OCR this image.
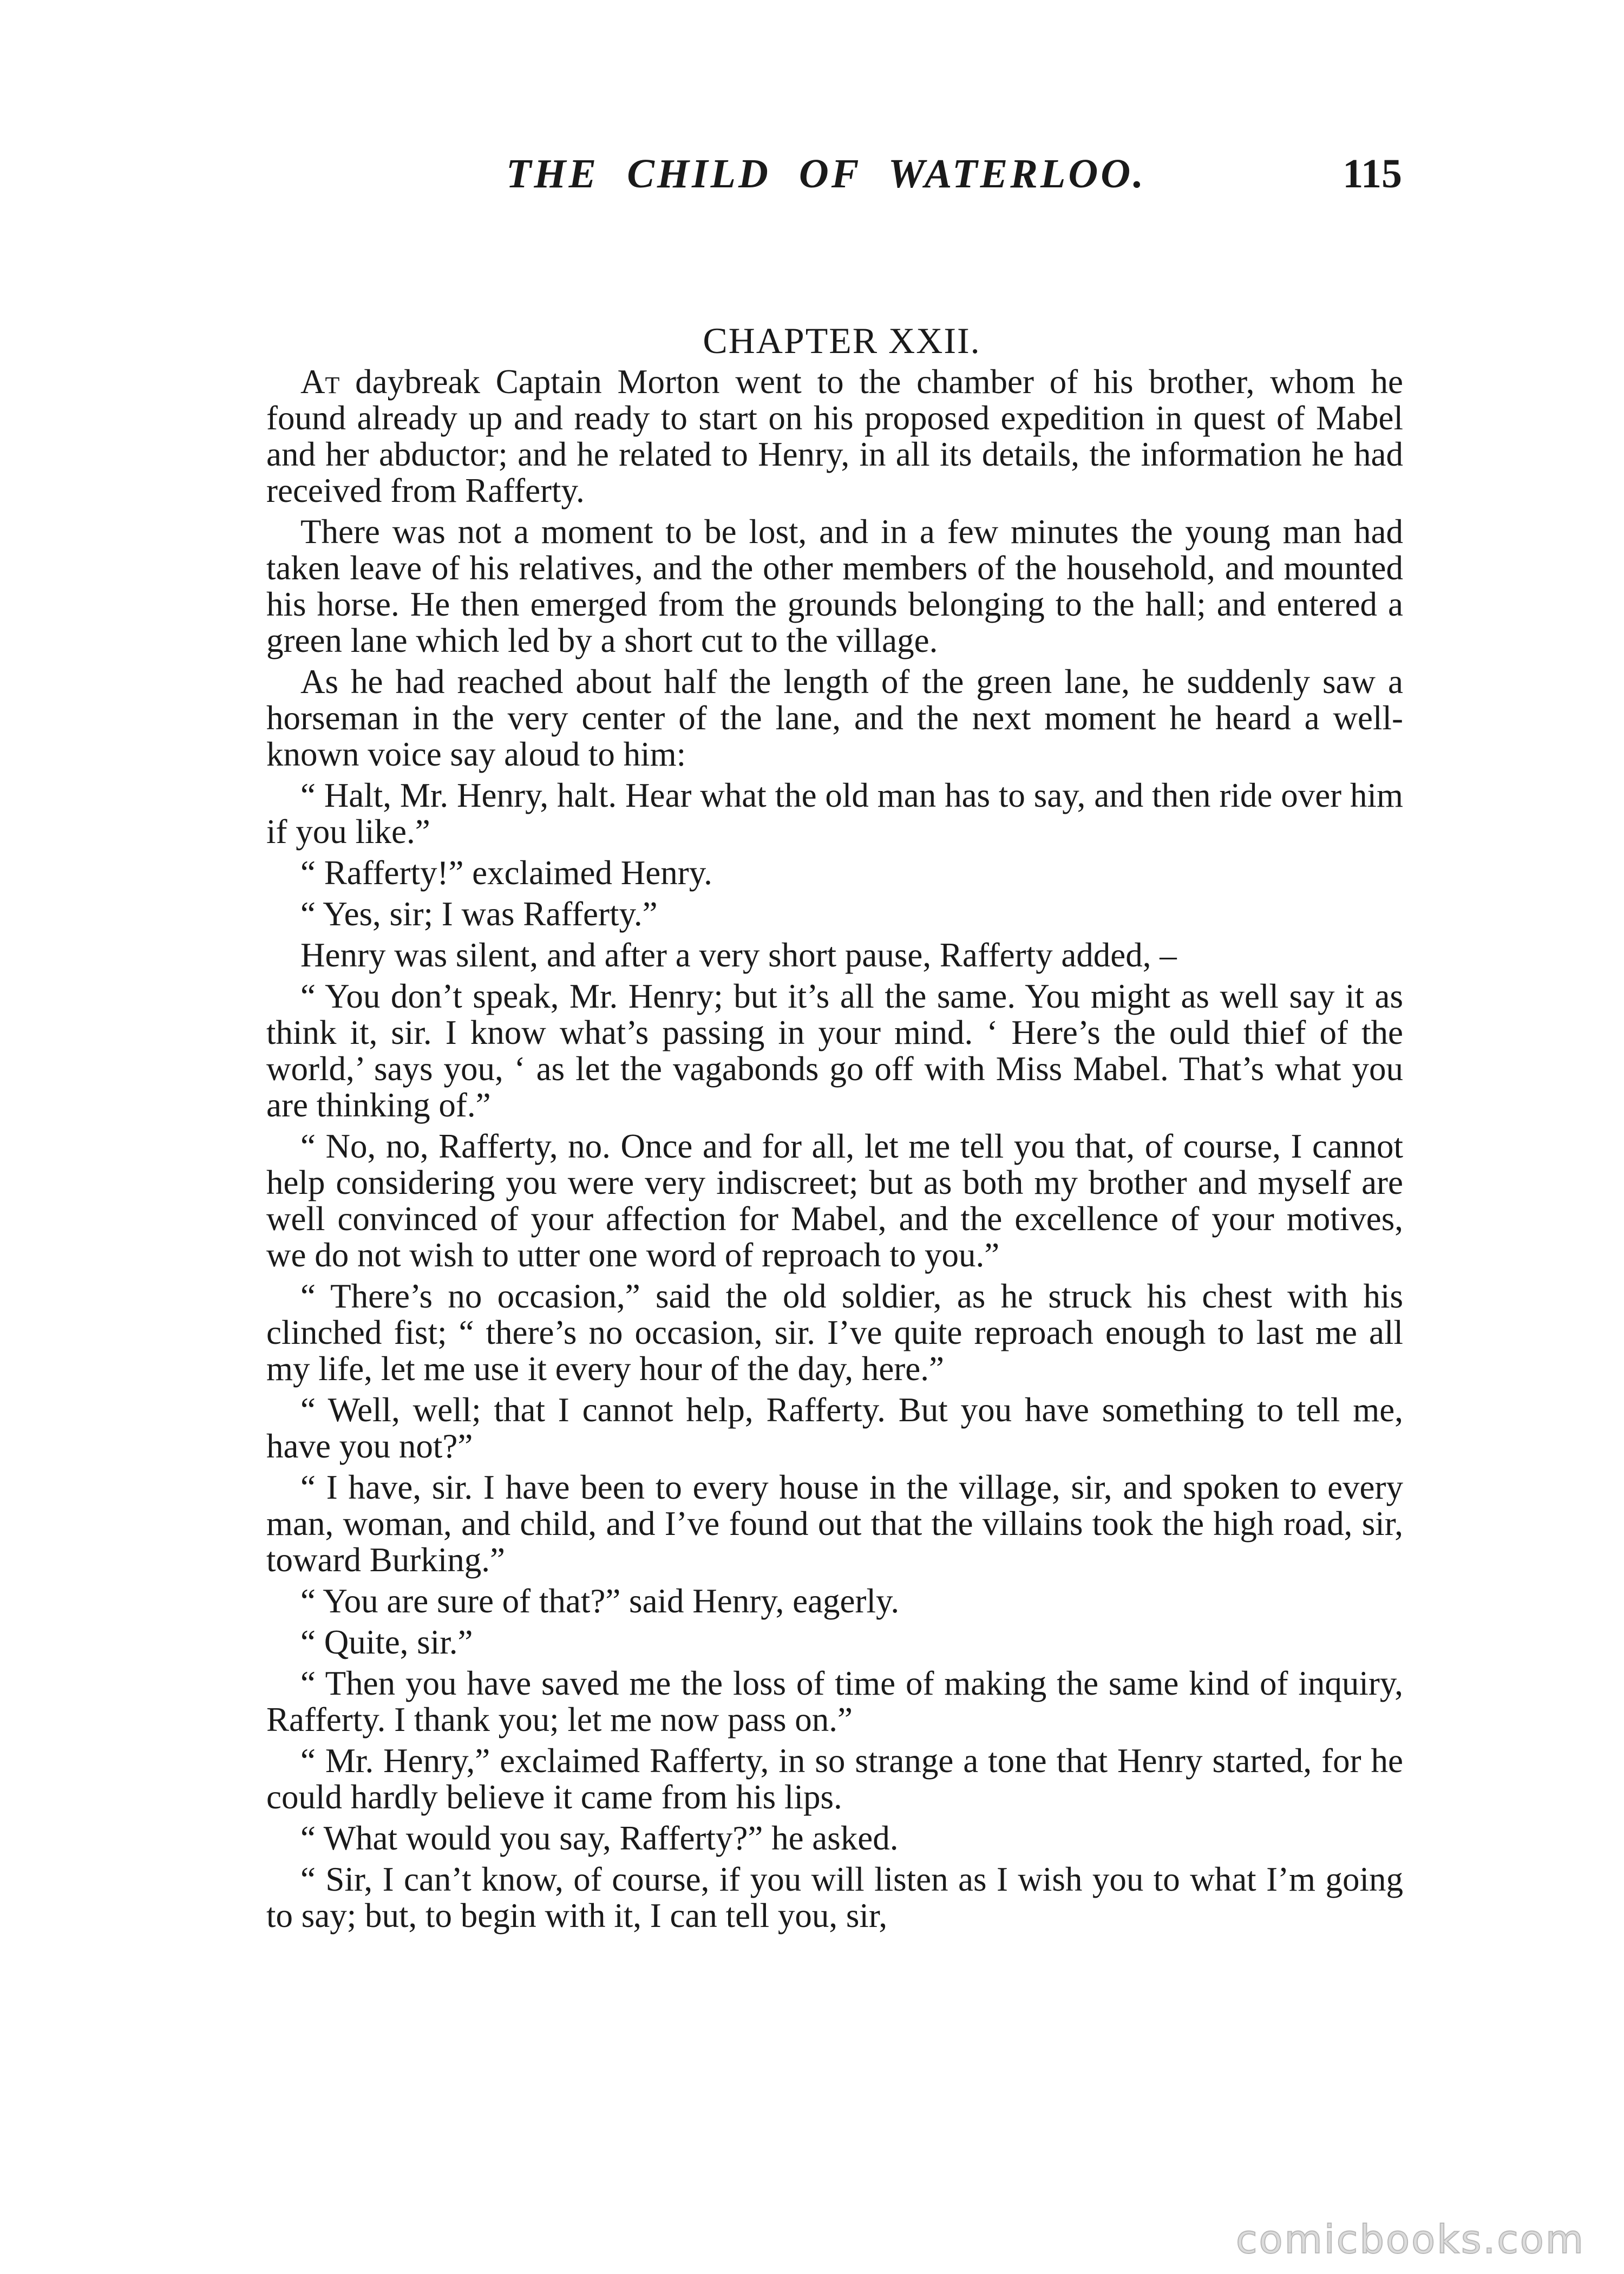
THE CHILD OF WATERLOO.	115
CHAPTER XXII.

At daybreak Captain Morton went to the chamber of his brother, whom he found already up and ready to start on his proposed expedition in quest of Mabel and her abductor; and he related to Henry, in all its details, the information he had received from Rafferty.

There was not a moment to be lost, and in a few minutes the young man had taken leave of his relatives, and the other members of the household, and mounted his horse. He then emerged from the grounds belonging to the hall; and entered a green lane which led by a short cut to the village.

As he had reached about half the length of the green lane, he suddenly saw a horseman in the very center of the lane, and the next moment he heard a well-known voice say aloud to him:

“ Halt, Mr. Henry, halt. Hear what the old man has to say, and then ride over him if you like.”

“ Rafferty!” exclaimed Henry.

“ Yes, sir; I was Rafferty.”

Henry was silent, and after a very short pause, Rafferty added, –

“ You don’t speak, Mr. Henry; but it’s all the same. You might as well say it as think it, sir. I know what’s passing in your mind. ‘ Here’s the ould thief of the world,’ says you, ‘ as let the vagabonds go off with Miss Mabel. That’s what you are thinking of.”

“ No, no, Rafferty, no. Once and for all, let me tell you that, of course, I cannot help considering you were very indiscreet; but as both my brother and myself are well convinced of your affection for Mabel, and the excellence of your motives, we do not wish to utter one word of reproach to you.”

“ There’s no occasion,” said the old soldier, as he struck his chest with his clinched fist; “ there’s no occasion, sir. I’ve quite reproach enough to last me all my life, let me use it every hour of the day, here.”

“ Well, well; that I cannot help, Rafferty. But you have something to tell me, have you not?”

“ I have, sir. I have been to every house in the village, sir, and spoken to every man, woman, and child, and I’ve found out that the villains took the high road, sir, toward Burking.”

“ You are sure of that?” said Henry, eagerly.

“ Quite, sir.”

“ Then you have saved me the loss of time of making the same kind of inquiry, Rafferty. I thank you; let me now pass on.”

“ Mr. Henry,” exclaimed Rafferty, in so strange a tone that Henry started, for he could hardly believe it came from his lips.

“ What would you say, Rafferty?” he asked.

“ Sir, I can’t know, of course, if you will listen as I wish you to what I’m going to say; but, to begin with it, I can tell you, sir,

comicbooks.com
